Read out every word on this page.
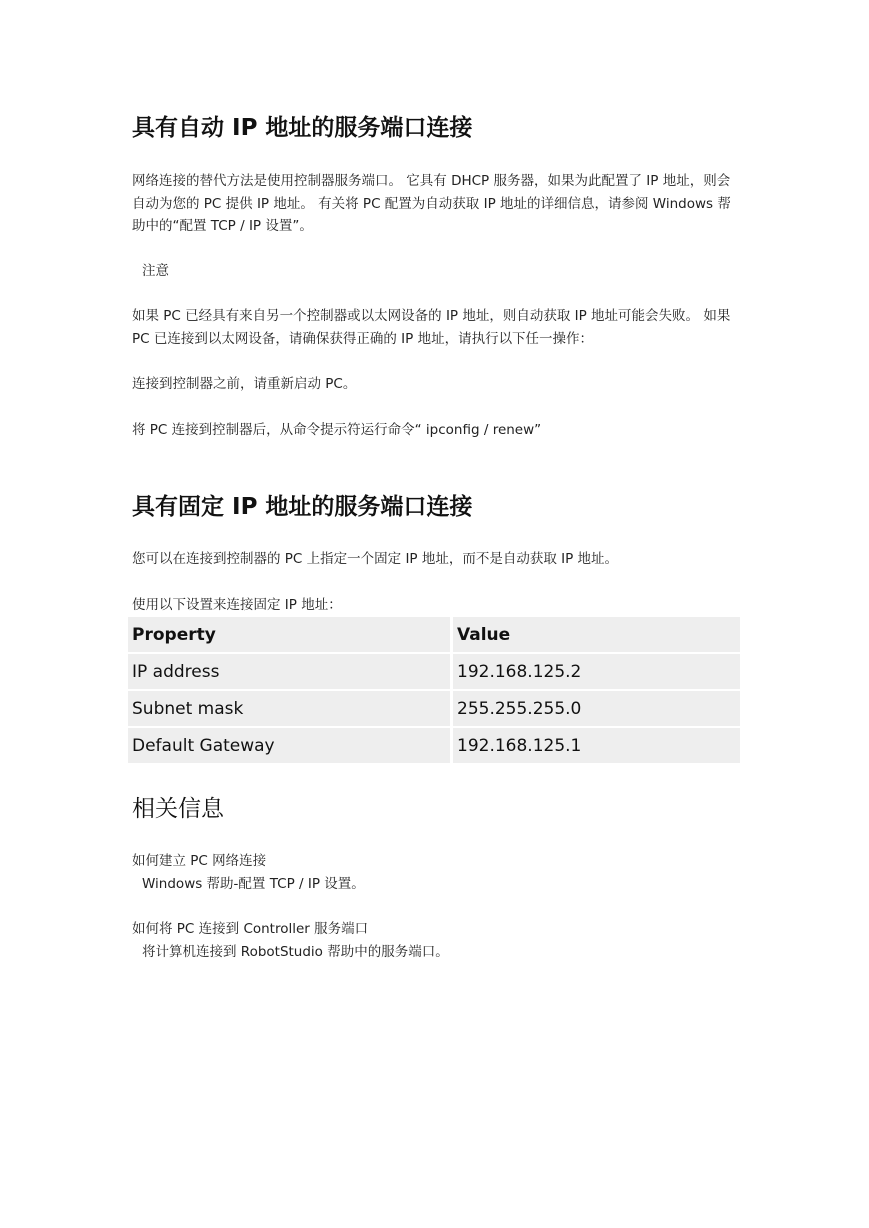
具有自动 IP 地址的服务端口连接

网络连接的替代方法是使用控制器服务端口。 它具有 DHCP 服务器，如果为此配置了 IP 地址，则会自动为您的 PC 提供 IP 地址。 有关将 PC 配置为自动获取 IP 地址的详细信息，请参阅 Windows 帮助中的“配置 TCP / IP 设置”。

注意

如果 PC 已经具有来自另一个控制器或以太网设备的 IP 地址，则自动获取 IP 地址可能会失败。 如果 PC 已连接到以太网设备，请确保获得正确的 IP 地址，请执行以下任一操作：

连接到控制器之前，请重新启动 PC。

将 PC 连接到控制器后，从命令提示符运行命令“ ipconfig / renew”

具有固定 IP 地址的服务端口连接

您可以在连接到控制器的 PC 上指定一个固定 IP 地址，而不是自动获取 IP 地址。

使用以下设置来连接固定 IP 地址：

Property	Value
IP address	192.168.125.2
Subnet mask	255.255.255.0
Default Gateway	192.168.125.1
相关信息
如何建立 PC 网络连接
Windows 帮助-配置 TCP / IP 设置。
如何将 PC 连接到 Controller 服务端口
将计算机连接到 RobotStudio 帮助中的服务端口。
